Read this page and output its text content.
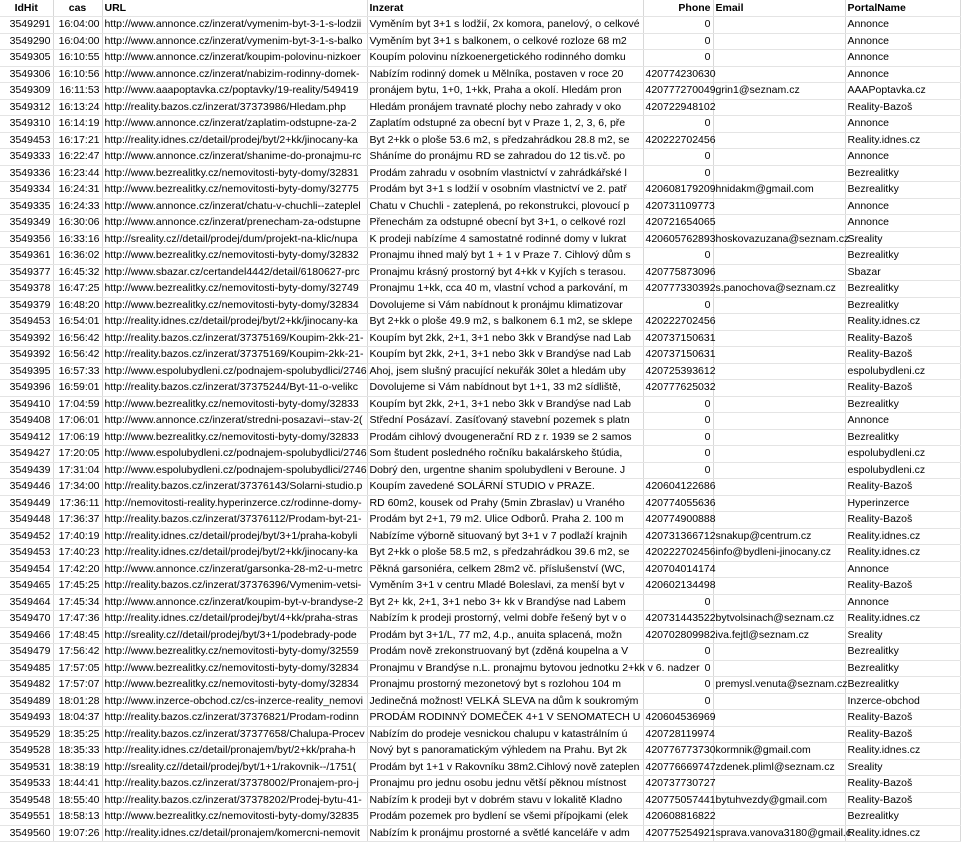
IdHit	cas	URL	Inzerat	Phone	Email	PortalName
3549291	16:04:00	http://www.annonce.cz/inzerat/vymenim-byt-3-1-s-lodzii	Vyměním byt 3+1 s lodžií, 2x komora, panelový, o celkové	0		Annonce
3549290	16:04:00	http://www.annonce.cz/inzerat/vymenim-byt-3-1-s-balko	Vyměním byt 3+1 s balkonem, o celkové rozloze 68 m2	0		Annonce
3549305	16:10:55	http://www.annonce.cz/inzerat/koupim-polovinu-nizkoer	Koupím polovinu nízkoenergetického rodinného domku	0		Annonce
3549306	16:10:56	http://www.annonce.cz/inzerat/nabizim-rodinny-domek-	Nabízím rodinný domek u Mělníka, postaven v roce 20	420774230630		Annonce
3549309	16:11:53	http://www.aaapoptavka.cz/poptavky/19-reality/549419	pronájem bytu, 1+0, 1+kk, Praha a okolí. Hledám pron	420777270049	grin1@seznam.cz	AAAPoptavka.cz
3549312	16:13:24	http://reality.bazos.cz/inzerat/37373986/Hledam.php	Hledám pronájem travnaté plochy nebo zahrady v oko	420722948102		Reality-Bazoš
3549310	16:14:19	http://www.annonce.cz/inzerat/zaplatim-odstupne-za-2	Zaplatím odstupné za obecní byt v Praze 1, 2, 3, 6, pře	0		Annonce
3549453	16:17:21	http://reality.idnes.cz/detail/prodej/byt/2+kk/jinocany-ka	Byt 2+kk o ploše 53.6 m2, s předzahrádkou 28.8 m2, se	420222702456		Reality.idnes.cz
3549333	16:22:47	http://www.annonce.cz/inzerat/shanime-do-pronajmu-rc	Sháníme do pronájmu RD se zahradou do 12 tis.vč. po	0		Annonce
3549336	16:23:44	http://www.bezrealitky.cz/nemovitosti-byty-domy/32831	Prodám zahradu v osobním vlastnictví v zahrádkářské l	0		Bezrealitky
3549334	16:24:31	http://www.bezrealitky.cz/nemovitosti-byty-domy/32775	Prodám byt 3+1 s lodžií v osobním vlastnictví ve 2. patř	420608179209	hnidakm@gmail.com	Bezrealitky
3549335	16:24:33	http://www.annonce.cz/inzerat/chatu-v-chuchli--zateplel	Chatu v Chuchli - zateplená, po rekonstrukci, plovoucí p	420731109773		Annonce
3549349	16:30:06	http://www.annonce.cz/inzerat/prenecham-za-odstupne	Přenechám za odstupné obecní byt 3+1, o celkové rozl	420721654065		Annonce
3549356	16:33:16	http://sreality.cz//detail/prodej/dum/projekt-na-klic/nupa	K prodeji nabízíme 4 samostatné rodinné domy v lukrat	420605762893	hoskovazuzana@seznam.cz	Sreality
3549361	16:36:02	http://www.bezrealitky.cz/nemovitosti-byty-domy/32832	Pronajmu ihned malý byt 1 + 1 v Praze 7. Cihlový dům s	0		Bezrealitky
3549377	16:45:32	http://www.sbazar.cz/certandel4442/detail/6180627-prc	Pronajmu krásný prostorný byt 4+kk v Kyjích s terasou.	420775873096		Sbazar
3549378	16:47:25	http://www.bezrealitky.cz/nemovitosti-byty-domy/32749	Pronajmu 1+kk, cca 40 m, vlastní vchod a parkování, m	420777330392	s.panochova@seznam.cz	Bezrealitky
3549379	16:48:20	http://www.bezrealitky.cz/nemovitosti-byty-domy/32834	Dovolujeme si Vám nabídnout k pronájmu klimatizovar	0		Bezrealitky
3549453	16:54:01	http://reality.idnes.cz/detail/prodej/byt/2+kk/jinocany-ka	Byt 2+kk o ploše 49.9 m2, s balkonem 6.1 m2, se sklepe	420222702456		Reality.idnes.cz
3549392	16:56:42	http://reality.bazos.cz/inzerat/37375169/Koupim-2kk-21-	Koupím byt 2kk, 2+1, 3+1 nebo 3kk v Brandýse nad Lab	420737150631		Reality-Bazoš
3549392	16:56:42	http://reality.bazos.cz/inzerat/37375169/Koupim-2kk-21-	Koupím byt 2kk, 2+1, 3+1 nebo 3kk v Brandýse nad Lab	420737150631		Reality-Bazoš
3549395	16:57:33	http://www.espolubydleni.cz/podnajem-spolubydlici/2746	Ahoj, jsem slušný pracující nekuřák 30let a hledám uby	420725393612		espolubydleni.cz
3549396	16:59:01	http://reality.bazos.cz/inzerat/37375244/Byt-11-o-velikc	Dovolujeme si Vám nabídnout byt 1+1, 33 m2 sídliště,	420777625032		Reality-Bazoš
3549410	17:04:59	http://www.bezrealitky.cz/nemovitosti-byty-domy/32833	Koupím byt 2kk, 2+1, 3+1 nebo 3kk v Brandýse nad Lab	0		Bezrealitky
3549408	17:06:01	http://www.annonce.cz/inzerat/stredni-posazavi--stav-2(	Střední Posázaví. Zasíťovaný stavební pozemek s platn	0		Annonce
3549412	17:06:19	http://www.bezrealitky.cz/nemovitosti-byty-domy/32833	Prodám cihlový dvougenerační RD z r. 1939 se 2 samos	0		Bezrealitky
3549427	17:20:05	http://www.espolubydleni.cz/podnajem-spolubydlici/2746	Som študent posledného ročníku bakalárskeho štúdia,	0		espolubydleni.cz
3549439	17:31:04	http://www.espolubydleni.cz/podnajem-spolubydlici/2746	Dobrý den, urgentne shanim spolubydleni v Beroune. J	0		espolubydleni.cz
3549446	17:34:00	http://reality.bazos.cz/inzerat/37376143/Solarni-studio.p	Koupím zavedené SOLÁRNÍ STUDIO v PRAZE.	420604122686		Reality-Bazoš
3549449	17:36:11	http://nemovitosti-reality.hyperinzerce.cz/rodinne-domy-	RD 60m2, kousek od Prahy (5min Zbraslav) u Vraného	420774055636		Hyperinzerce
3549448	17:36:37	http://reality.bazos.cz/inzerat/37376112/Prodam-byt-21-	Prodám byt 2+1, 79 m2. Ulice Odborů. Praha 2. 100 m	420774900888		Reality-Bazoš
3549452	17:40:19	http://reality.idnes.cz/detail/prodej/byt/3+1/praha-kobyli	Nabízíme výborně situovaný byt 3+1 v 7 podlaží krajnih	420731366712	snakup@centrum.cz	Reality.idnes.cz
3549453	17:40:23	http://reality.idnes.cz/detail/prodej/byt/2+kk/jinocany-ka	Byt 2+kk o ploše 58.5 m2, s předzahrádkou 39.6 m2, se	420222702456	info@bydleni-jinocany.cz	Reality.idnes.cz
3549454	17:42:20	http://www.annonce.cz/inzerat/garsonka-28-m2-u-metrc	Pěkná garsoniéra, celkem 28m2 vč. příslušenství (WC,	420704014174		Annonce
3549465	17:45:25	http://reality.bazos.cz/inzerat/37376396/Vymenim-vetsi-	Vyměním 3+1 v centru Mladé Boleslavi, za menší byt v	420602134498		Reality-Bazoš
3549464	17:45:34	http://www.annonce.cz/inzerat/koupim-byt-v-brandyse-2	Byt 2+ kk, 2+1, 3+1 nebo 3+ kk v Brandýse nad Labem	0		Annonce
3549470	17:47:36	http://reality.idnes.cz/detail/prodej/byt/4+kk/praha-stras	Nabízím k prodeji prostorný, velmi dobře řešený byt v o	420731443522	bytvolsinach@seznam.cz	Reality.idnes.cz
3549466	17:48:45	http://sreality.cz//detail/prodej/byt/3+1/podebrady-pode	Prodám byt 3+1/L, 77 m2, 4.p., anuita splacená, možn	420702809982	iva.fejtl@seznam.cz	Sreality
3549479	17:56:42	http://www.bezrealitky.cz/nemovitosti-byty-domy/32559	Prodám nově zrekonstruovaný byt (zděná koupelna a V	0		Bezrealitky
3549485	17:57:05	http://www.bezrealitky.cz/nemovitosti-byty-domy/32834	Pronajmu v Brandýse n.L. pronajmu bytovou jednotku 2+kk v 6. nadzer	0		Bezrealitky
3549482	17:57:07	http://www.bezrealitky.cz/nemovitosti-byty-domy/32834	Pronajmu prostorný mezonetový byt s rozlohou 104 m	0	premysl.venuta@seznam.cz	Bezrealitky
3549489	18:01:28	http://www.inzerce-obchod.cz/cs-inzerce-reality_nemovi	Jedinečná možnost! VELKÁ SLEVA na dům k soukromým	0		Inzerce-obchod
3549493	18:04:37	http://reality.bazos.cz/inzerat/37376821/Prodam-rodinn	PRODÁM RODINNÝ DOMEČEK 4+1 V SENOMATECH U	420604536969		Reality-Bazoš
3549529	18:35:25	http://reality.bazos.cz/inzerat/37377658/Chalupa-Procev	Nabízím do prodeje vesnickou chalupu v katastrálním ú	420728119974		Reality-Bazoš
3549528	18:35:33	http://reality.idnes.cz/detail/pronajem/byt/2+kk/praha-h	Nový byt s panoramatickým výhledem na Prahu. Byt 2k	420776773730	kormnik@gmail.com	Reality.idnes.cz
3549531	18:38:19	http://sreality.cz//detail/prodej/byt/1+1/rakovnik--/1751(	Prodám byt 1+1 v Rakovníku 38m2.Cihlový nově zateplen	420776669747	zdenek.pliml@seznam.cz	Sreality
3549533	18:44:41	http://reality.bazos.cz/inzerat/37378002/Pronajem-pro-j	Pronajmu pro jednu osobu jednu větší pěknou místnost	420737730727		Reality-Bazoš
3549548	18:55:40	http://reality.bazos.cz/inzerat/37378202/Prodej-bytu-41-	Nabízím k prodeji byt v dobrém stavu v lokalitě Kladno	420775057441	bytuhvezdy@gmail.com	Reality-Bazoš
3549551	18:58:13	http://www.bezrealitky.cz/nemovitosti-byty-domy/32835	Prodám pozemek pro bydlení se všemi přípojkami (elek	420608816822		Bezrealitky
3549560	19:07:26	http://reality.idnes.cz/detail/pronajem/komercni-nemovit	Nabízím k pronájmu prostorné a světlé kanceláře v adm	420775254921	sprava.vanova3180@gmail.c	Reality.idnes.cz
